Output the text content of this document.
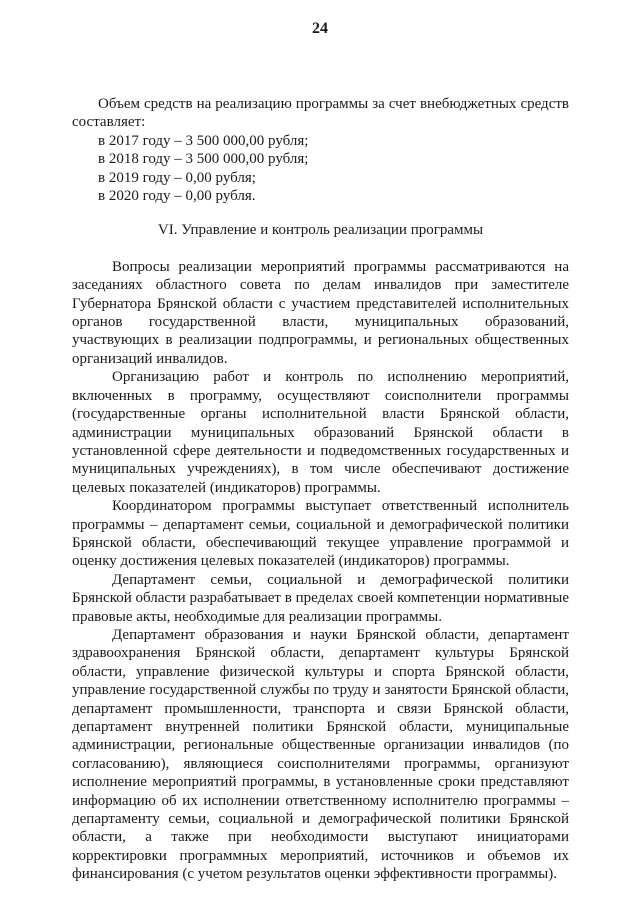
24

Объем средств на реализацию программы за счет внебюджетных средств составляет:

в 2017 году – 3 500 000,00 рубля;
в 2018 году – 3 500 000,00 рубля;
в 2019 году – 0,00 рубля;
в 2020 году – 0,00 рубля.

VI. Управление и контроль реализации программы

Вопросы реализации мероприятий программы рассматриваются на заседаниях областного совета по делам инвалидов при заместителе Губернатора Брянской области с участием представителей исполнительных органов государственной власти, муниципальных образований, участвующих в реализации подпрограммы, и региональных общественных организаций инвалидов.

Организацию работ и контроль по исполнению мероприятий, включенных в программу, осуществляют соисполнители программы (государственные органы исполнительной власти Брянской области, администрации муниципальных образований Брянской области в установленной сфере деятельности и подведомственных государственных и муниципальных учреждениях), в том числе обеспечивают достижение целевых показателей (индикаторов) программы.

Координатором программы выступает ответственный исполнитель программы – департамент семьи, социальной и демографической политики Брянской области, обеспечивающий текущее управление программой и оценку достижения целевых показателей (индикаторов) программы.

Департамент семьи, социальной и демографической политики Брянской области разрабатывает в пределах своей компетенции нормативные правовые акты, необходимые для реализации программы.

Департамент образования и науки Брянской области, департамент здравоохранения Брянской области, департамент культуры Брянской области, управление физической культуры и спорта Брянской области, управление государственной службы по труду и занятости Брянской области, департамент промышленности, транспорта и связи Брянской области, департамент внутренней политики Брянской области, муниципальные администрации, региональные общественные организации инвалидов (по согласованию), являющиеся соисполнителями программы, организуют исполнение мероприятий программы, в установленные сроки представляют информацию об их исполнении ответственному исполнителю программы – департаменту семьи, социальной и демографической политики Брянской области, а также при необходимости выступают инициаторами корректировки программных мероприятий, источников и объемов их финансирования (с учетом результатов оценки эффективности программы).
